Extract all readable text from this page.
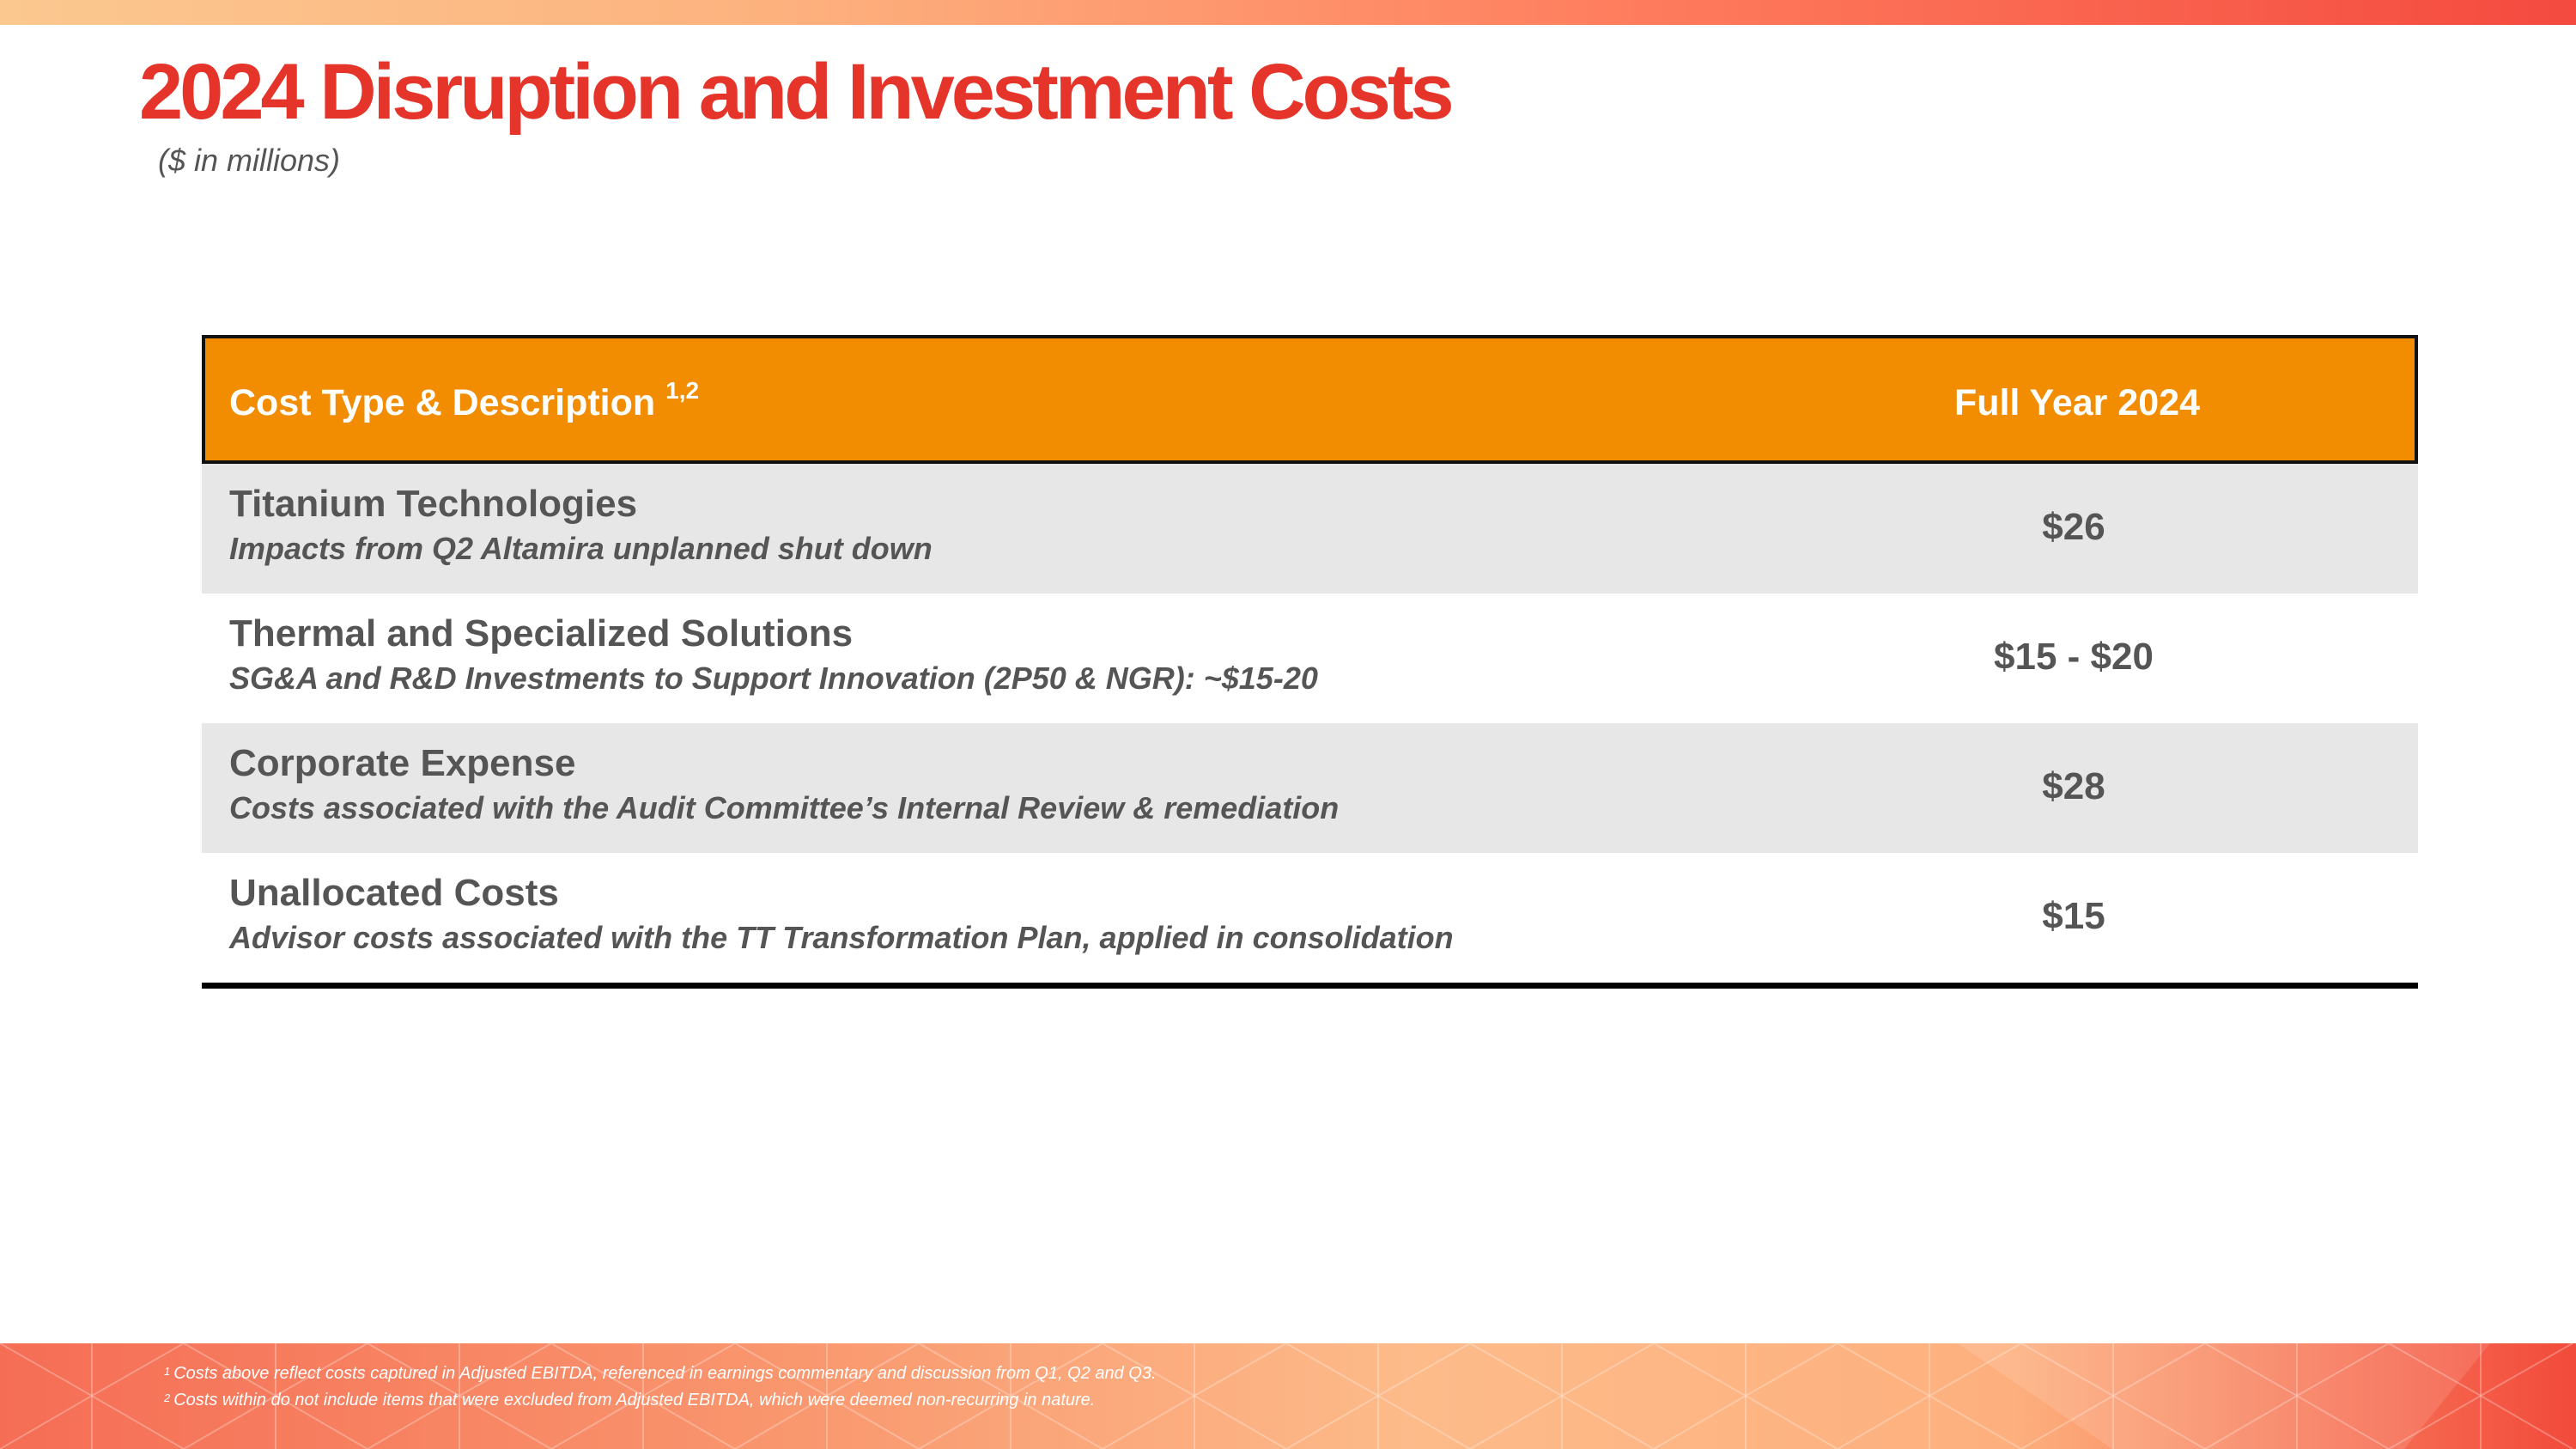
2024 Disruption and Investment Costs
($ in millions)
Cost Type & Description $^{1,2}$	Full Year 2024
Titanium Technologies
Impacts from Q2 Altamira unplanned shut down
$26
Thermal and Specialized Solutions
SG&A and R&D Investments to Support Innovation (2P50 & NGR): ~$15-20
$15 - $20
Corporate Expense
Costs associated with the Audit Committee’s Internal Review & remediation
$28
Unallocated Costs
Advisor costs associated with the TT Transformation Plan, applied in consolidation
$15
$^1$ Costs above reflect costs captured in Adjusted EBITDA, referenced in earnings commentary and discussion from Q1, Q2 and Q3.
$^2$ Costs within do not include items that were excluded from Adjusted EBITDA, which were deemed non-recurring in nature.
